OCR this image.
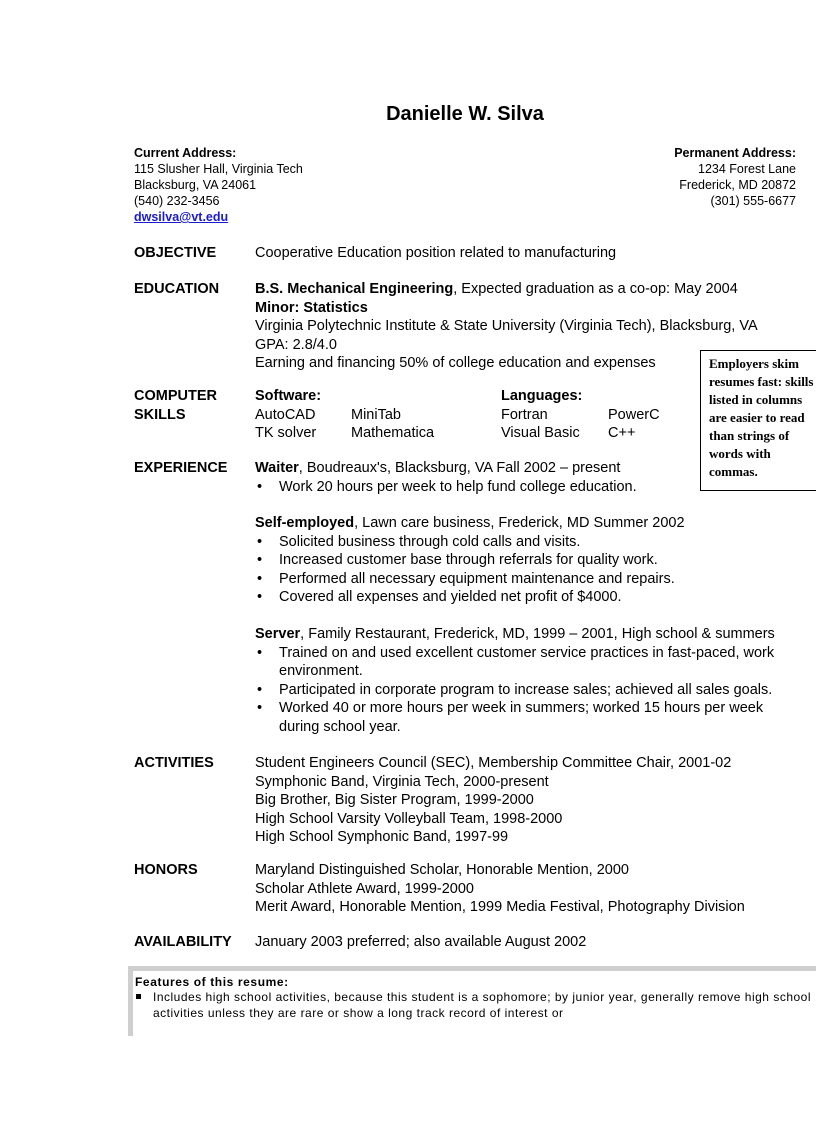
Danielle W. Silva
Current Address:
115 Slusher Hall, Virginia Tech
Blacksburg, VA 24061
(540) 232-3456
dwsilva@vt.edu
Permanent Address:
1234 Forest Lane
Frederick, MD 20872
(301) 555-6677
OBJECTIVE	Cooperative Education position related to manufacturing
EDUCATION B.S. Mechanical Engineering, Expected graduation as a co-op: May 2004
Minor: Statistics
Virginia Polytechnic Institute & State University (Virginia Tech), Blacksburg, VA
GPA: 2.8/4.0
Earning and financing 50% of college education and expenses
COMPUTER
SKILLS
Software:	Languages:
AutoCAD	MiniTab	Fortran	PowerC
TK solver	Mathematica	Visual Basic	C++
Employers skim resumes fast: skills listed in columns are easier to read than strings of words with commas.
EXPERIENCE Waiter, Boudreaux's, Blacksburg, VA Fall 2002 – present
• Work 20 hours per week to help fund college education.
Self-employed, Lawn care business, Frederick, MD Summer 2002
• Solicited business through cold calls and visits.
• Increased customer base through referrals for quality work.
• Performed all necessary equipment maintenance and repairs.
• Covered all expenses and yielded net profit of $4000.
Server, Family Restaurant, Frederick, MD, 1999 – 2001, High school & summers
• Trained on and used excellent customer service practices in fast-paced, work environment.
• Participated in corporate program to increase sales; achieved all sales goals.
• Worked 40 or more hours per week in summers; worked 15 hours per week during school year.
ACTIVITIES	Student Engineers Council (SEC), Membership Committee Chair, 2001-02
Symphonic Band, Virginia Tech, 2000-present
Big Brother, Big Sister Program, 1999-2000
High School Varsity Volleyball Team, 1998-2000
High School Symphonic Band, 1997-99
HONORS	Maryland Distinguished Scholar, Honorable Mention, 2000
Scholar Athlete Award, 1999-2000
Merit Award, Honorable Mention, 1999 Media Festival, Photography Division
AVAILABILITY January 2003 preferred; also available August 2002
Features of this resume:
Includes high school activities, because this student is a sophomore; by junior year, generally remove high school activities unless they are rare or show a long track record of interest or
